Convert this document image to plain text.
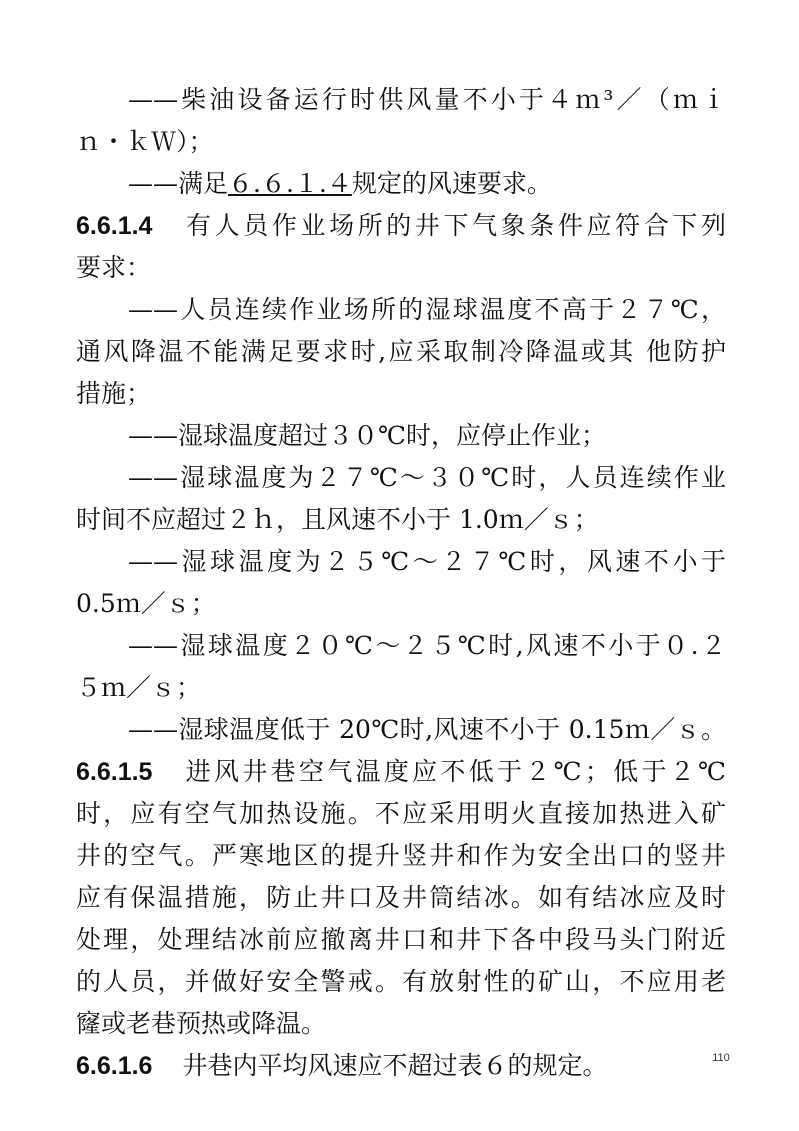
——柴油设备运行时供风量不小于４ｍ³／（ｍｉ
ｎ・ｋＷ）；
——满足６.６.１.４规定的风速要求。
6.6.1.4 有人员作业场所的井下气象条件应符合下列
要求：
——人员连续作业场所的湿球温度不高于２７℃，
通风降温不能满足要求时,应采取制冷降温或其 他防护
措施；
——湿球温度超过３０℃时，应停止作业；
——湿球温度为２７℃～３０℃时，人员连续作业
时间不应超过２ｈ，且风速不小于 1.0ｍ／ｓ；
——湿球温度为２５℃～２７℃时，风速不小于
0.5ｍ／ｓ；
——湿球温度２０℃～２５℃时,风速不小于０.２
５ｍ／ｓ；
——湿球温度低于 20℃时,风速不小于 0.15ｍ／ｓ。
6.6.1.5 进风井巷空气温度应不低于２℃；低于２℃
时，应有空气加热设施。不应采用明火直接加热进入矿
井的空气。严寒地区的提升竖井和作为安全出口的竖井
应有保温措施，防止井口及井筒结冰。如有结冰应及时
处理，处理结冰前应撤离井口和井下各中段马头门附近
的人员，并做好安全警戒。有放射性的矿山，不应用老
窿或老巷预热或降温。
6.6.1.6 井巷内平均风速应不超过表６的规定。	110
